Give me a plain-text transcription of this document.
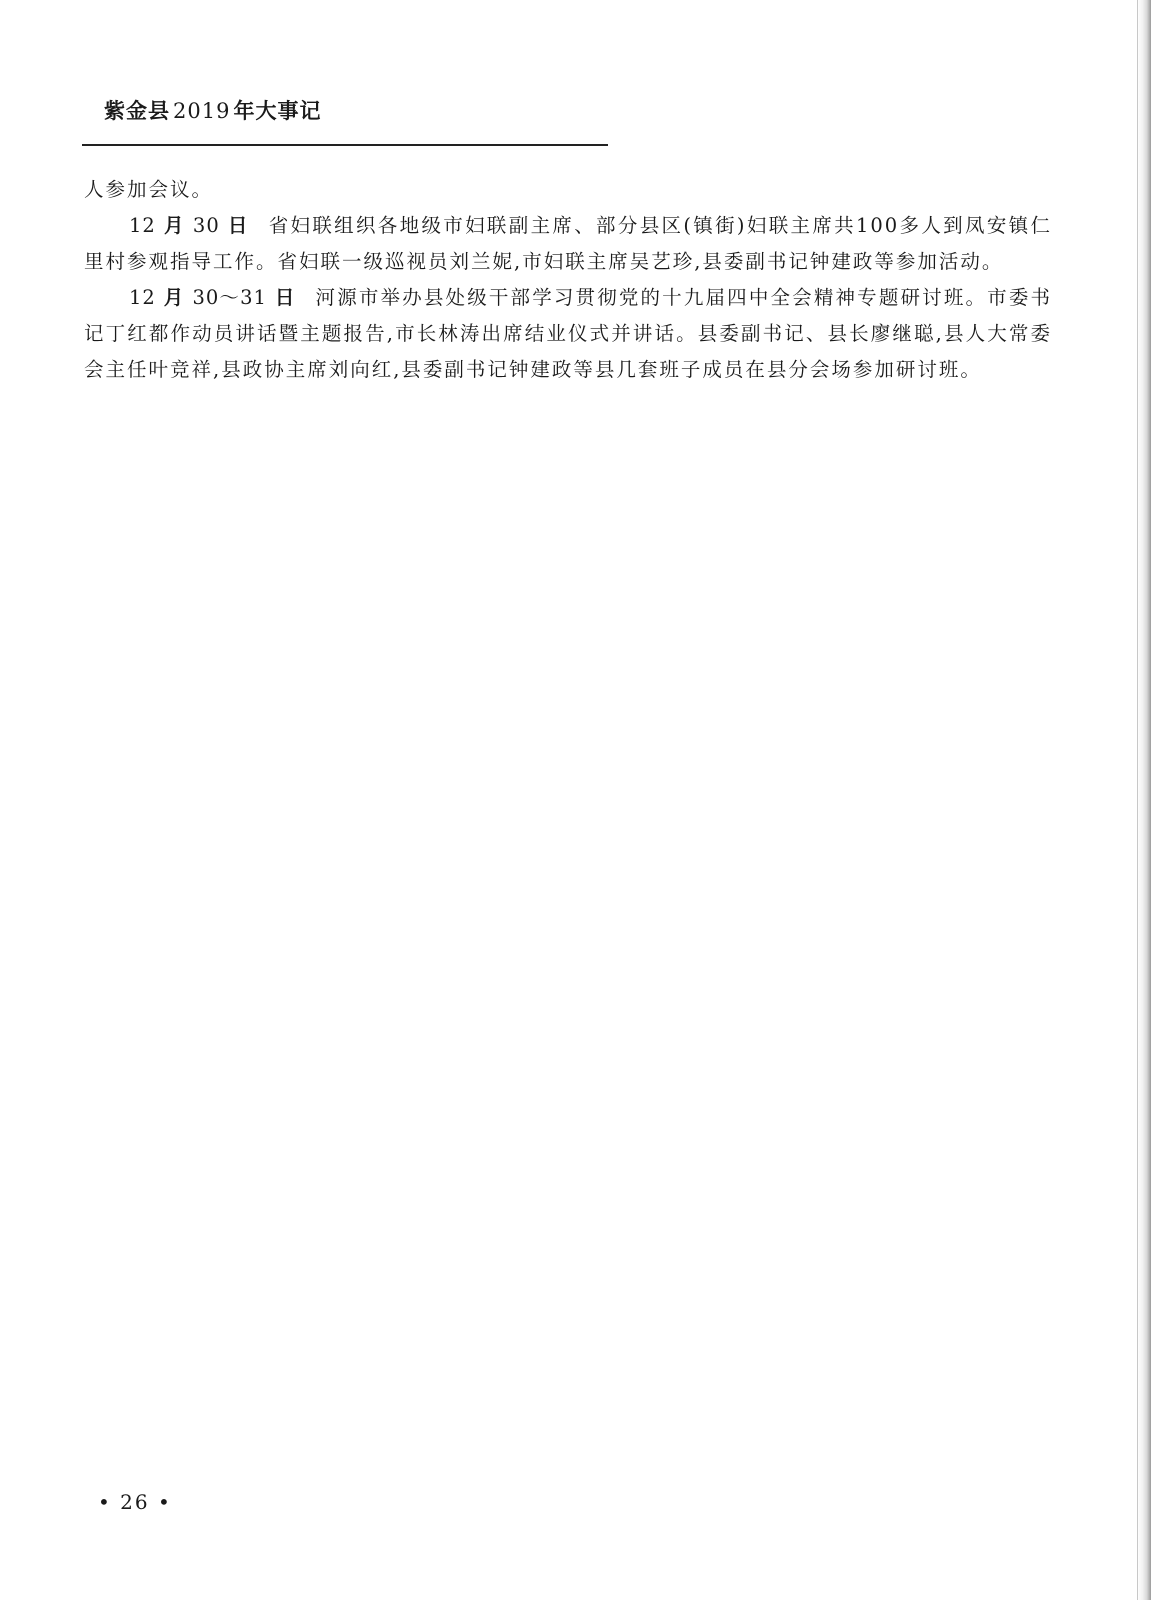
紫金县 2019 年大事记

人参加会议。

12 月 30 日 省妇联组织各地级市妇联副主席、部分县区(镇街)妇联主席共100多人到凤安镇仁里村参观指导工作。省妇联一级巡视员刘兰妮,市妇联主席吴艺珍,县委副书记钟建政等参加活动。

12 月 30～31 日 河源市举办县处级干部学习贯彻党的十九届四中全会精神专题研讨班。市委书记丁红都作动员讲话暨主题报告,市长林涛出席结业仪式并讲话。县委副书记、县长廖继聪,县人大常委会主任叶竞祥,县政协主席刘向红,县委副书记钟建政等县几套班子成员在县分会场参加研讨班。

• 26 •
